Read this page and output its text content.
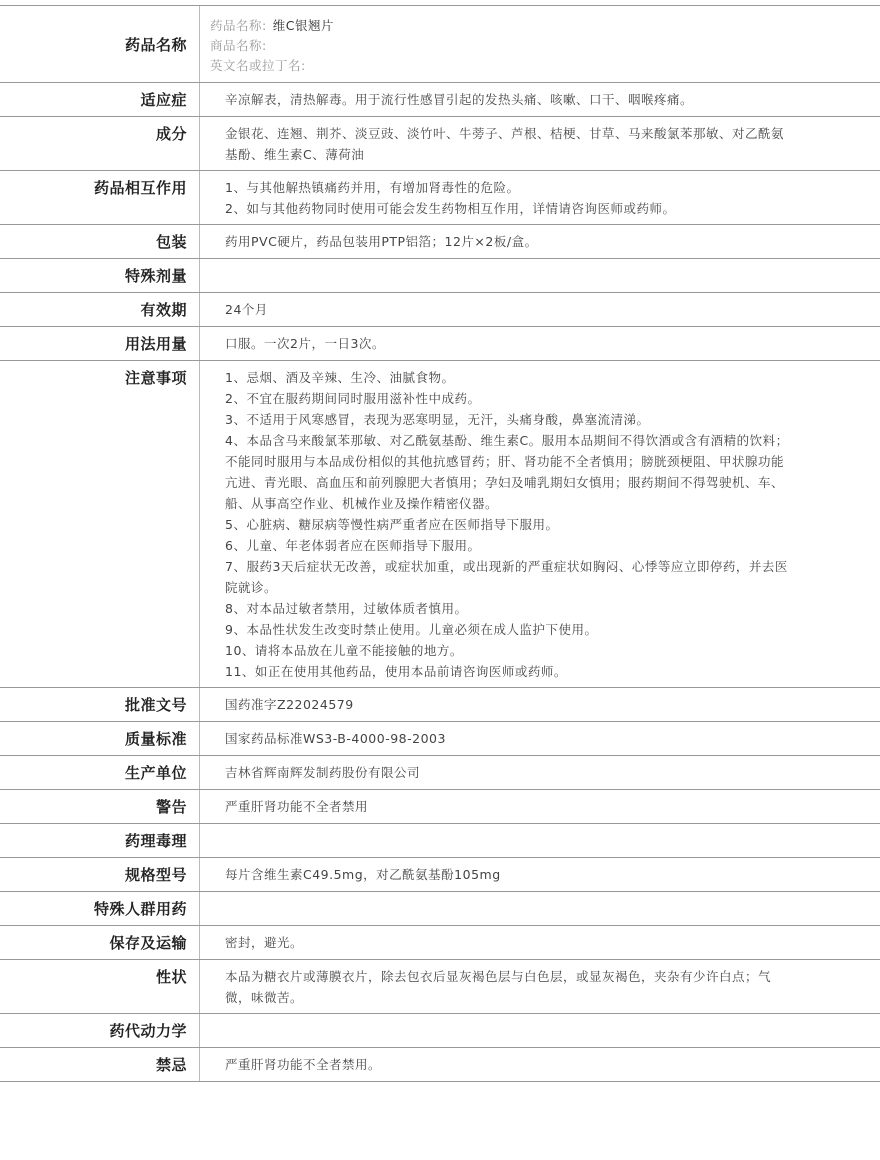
药品名称
药品名称: 维C银翘片
商品名称:
英文名或拉丁名:
适应症	辛凉解表，清热解毒。用于流行性感冒引起的发热头痛、咳嗽、口干、咽喉疼痛。
成分	金银花、连翘、荆芥、淡豆豉、淡竹叶、牛蒡子、芦根、桔梗、甘草、马来酸氯苯那敏、对乙酰氨基酚、维生素C、薄荷油
药品相互作用	1、与其他解热镇痛药并用，有增加肾毒性的危险。
2、如与其他药物同时使用可能会发生药物相互作用，详情请咨询医师或药师。
包装	药用PVC硬片，药品包装用PTP铝箔；12片×2板/盒。
特殊剂量

有效期	24个月
用法用量	口服。一次2片，一日3次。
注意事项	1、忌烟、酒及辛辣、生冷、油腻食物。
2、不宜在服药期间同时服用滋补性中成药。
3、不适用于风寒感冒，表现为恶寒明显，无汗，头痛身酸，鼻塞流清涕。
4、本品含马来酸氯苯那敏、对乙酰氨基酚、维生素C。服用本品期间不得饮酒或含有酒精的饮料；不能同时服用与本品成份相似的其他抗感冒药；肝、肾功能不全者慎用；膀胱颈梗阻、甲状腺功能亢进、青光眼、高血压和前列腺肥大者慎用；孕妇及哺乳期妇女慎用；服药期间不得驾驶机、车、船、从事高空作业、机械作业及操作精密仪器。
5、心脏病、糖尿病等慢性病严重者应在医师指导下服用。
6、儿童、年老体弱者应在医师指导下服用。
7、服药3天后症状无改善，或症状加重，或出现新的严重症状如胸闷、心悸等应立即停药，并去医院就诊。
8、对本品过敏者禁用，过敏体质者慎用。
9、本品性状发生改变时禁止使用。儿童必须在成人监护下使用。
10、请将本品放在儿童不能接触的地方。
11、如正在使用其他药品，使用本品前请咨询医师或药师。
批准文号	国药准字Z22024579
质量标准	国家药品标准WS3-B-4000-98-2003
生产单位	吉林省辉南辉发制药股份有限公司
警告	严重肝肾功能不全者禁用
药理毒理

规格型号	每片含维生素C49.5mg，对乙酰氨基酚105mg
特殊人群用药

保存及运输	密封，避光。
性状	本品为糖衣片或薄膜衣片，除去包衣后显灰褐色层与白色层，或显灰褐色，夹杂有少许白点；气微，味微苦。
药代动力学

禁忌	严重肝肾功能不全者禁用。
